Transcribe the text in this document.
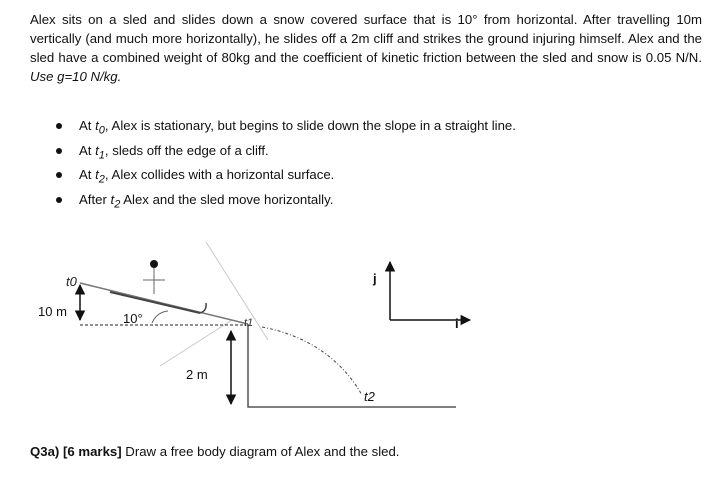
Alex sits on a sled and slides down a snow covered surface that is 10° from horizontal. After travelling 10m vertically (and much more horizontally), he slides off a 2m cliff and strikes the ground injuring himself. Alex and the sled have a combined weight of 80kg and the coefficient of kinetic friction between the sled and snow is 0.05 N/N. Use g=10 N/kg.

At $t_0$, Alex is stationary, but begins to slide down the slope in a straight line.
At $t_1$, sleds off the edge of a cliff.
At $t_2$, Alex collides with a horizontal surface.
After $t_2$ Alex and the sled move horizontally.
t0
10 m	10°	t1
2 m
t2
j
i

Q3a) [6 marks] Draw a free body diagram of Alex and the sled.
